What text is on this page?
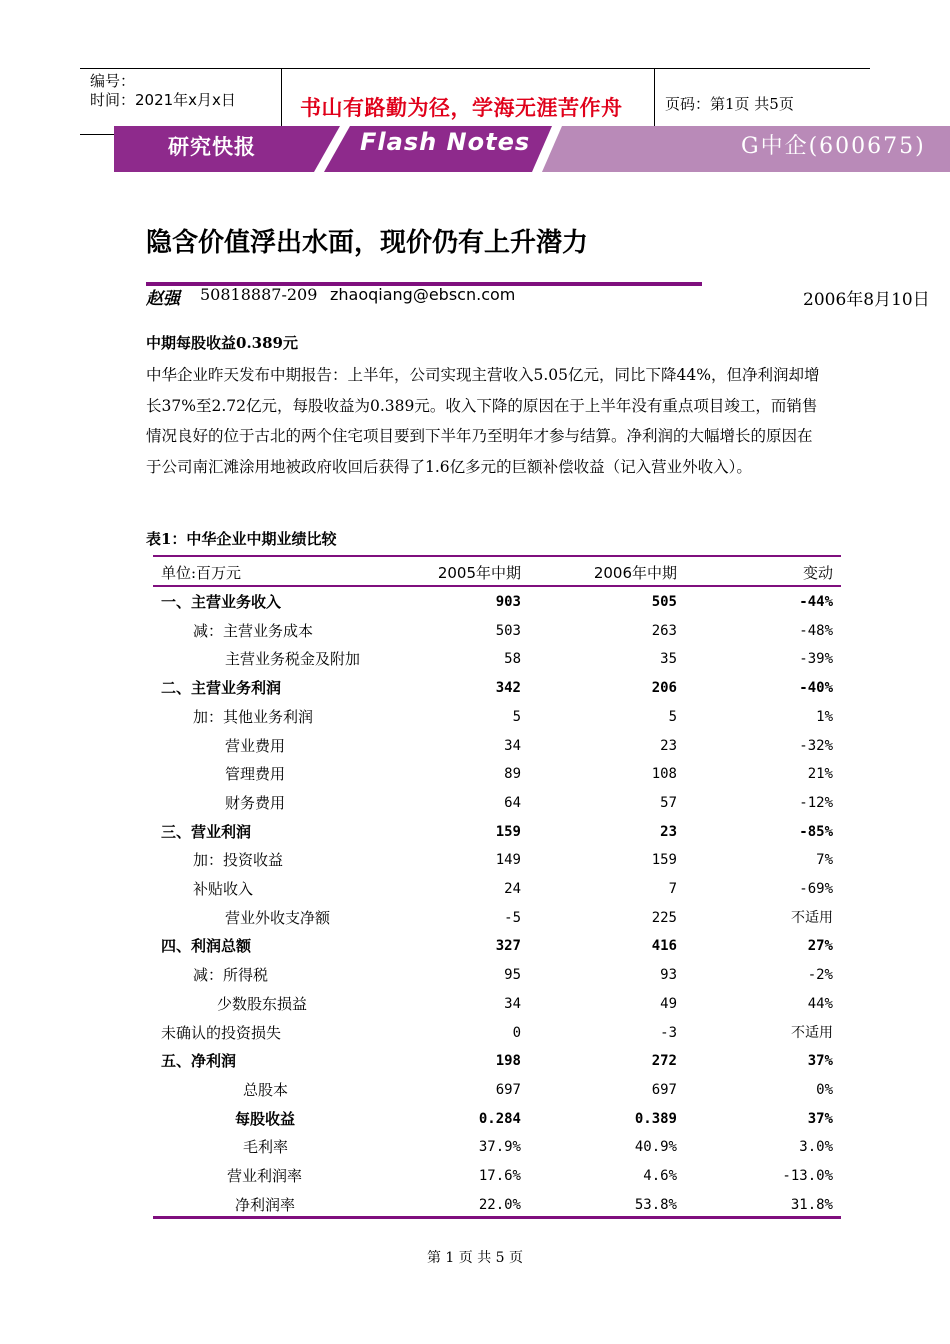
编号：
时间：2021年x月x日	书山有路勤为径，学海无涯苦作舟	页码：第1页 共5页
研究快报	Flash Notes	G中企(600675)
隐含价值浮出水面，现价仍有上升潜力
赵强 50818887-209 zhaoqiang@ebscn.com	2006年8月10日
中期每股收益0.389元

中华企业昨天发布中期报告：上半年，公司实现主营收入5.05亿元，同比下降44%，但净利润却增长37%至2.72亿元，每股收益为0.389元。收入下降的原因在于上半年没有重点项目竣工，而销售情况良好的位于古北的两个住宅项目要到下半年乃至明年才参与结算。净利润的大幅增长的原因在于公司南汇滩涂用地被政府收回后获得了1.6亿多元的巨额补偿收益（记入营业外收入）。

表1：中华企业中期业绩比较
单位:百万元	2005年中期	2006年中期	变动
一、主营业务收入	903	505	-44%
减：主营业务成本	503	263	-48%
主营业务税金及附加	58	35	-39%
二、主营业务利润	342	206	-40%
加：其他业务利润	5	5	1%
营业费用	34	23	-32%
管理费用	89	108	21%
财务费用	64	57	-12%
三、营业利润	159	23	-85%
加：投资收益	149	159	7%
补贴收入	24	7	-69%
营业外收支净额	-5	225	不适用
四、利润总额	327	416	27%
减：所得税	95	93	-2%
少数股东损益	34	49	44%
未确认的投资损失	0	-3	不适用
五、净利润	198	272	37%
总股本	697	697	0%
每股收益	0.284	0.389	37%
毛利率	37.9%	40.9%	3.0%
营业利润率	17.6%	4.6%	-13.0%
净利润率	22.0%	53.8%	31.8%
第 1 页 共 5 页
